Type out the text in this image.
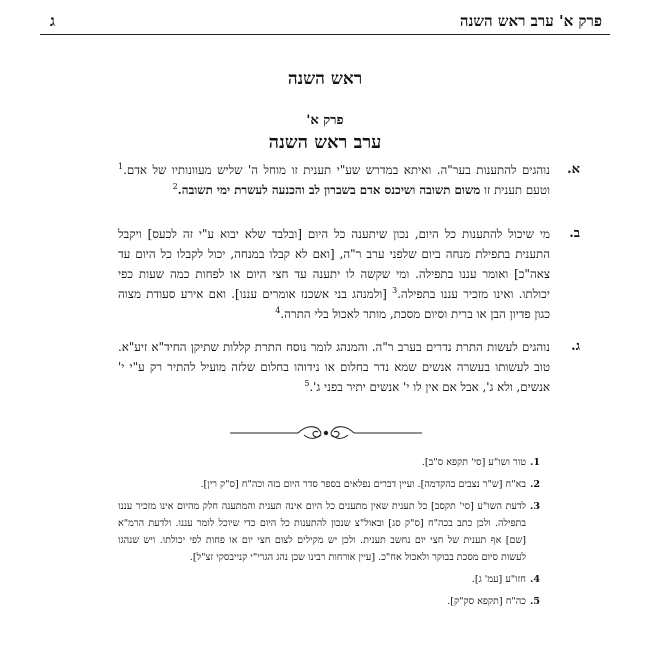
פרק א' ערב ראש השנה
ג
ראש השנה
פרק א'
ערב ראש השנה
א.
נוהגים להתענות בער"ה. ואיתא במדרש שע"י תענית זו מוחל ה' שליש מעוונותיו של אדם.$^1$ וטעם תענית זו משום תשובה ושיכנס אדם בשברון לב והכנעה לעשרת ימי תשובה.$^2$
ב.
מי שיכול להתענות כל היום, נכון שיתענה כל היום [ובלבד שלא יבוא ע"י זה לכעס] ויקבל התענית בתפילת מנחה ביום שלפני ערב ר"ה, [ואם לא קבלו במנחה, יכול לקבלו כל היום עד צאה"כ] ואומר עננו בתפילה. ומי שקשה לו יתענה עד חצי היום או לפחות כמה שעות כפי יכולתו. ואינו מזכיר עננו בתפילה.$^3$ [ולמנהג בני אשכנז אומרים עננו]. ואם אירע סעודת מצוה כגון פדיון הבן או ברית וסיום מסכת, מותר לאכול בלי התרה.$^4$
ג.
נוהגים לעשות התרת נדרים בערב ר"ה. והמנהג לומר נוסח התרת קללות שתיקן החיד"א זיע"א. טוב לעשותו בעשרה אנשים שמא נדר בחלום או נידוהו בחלום שלזה מועיל להתיר רק ע"י י' אנשים, ולא ג', אבל אם אין לו י' אנשים יתיר בפני ג'.$^5$
1.
טור ושו"ע [סי' תקפא ס"ב].
2.
בא"ח [ש"ר נצבים בהקדמה]. ועיין דברים נפלאים בספר סדר היום בזה וכה"ח [ס"ק רין].
3.
לדעת השו"ע [סי' תקסב] כל תענית שאין מתענים כל היום אינה תענית והמתענה חלק מהיום אינו מזכיר עננו בתפילה. ולכן כתב בכה"ח [ס"ק סג] ובאול"צ שנכון להתענות כל היום כדי שיוכל לומר עננו. ולדעת הרמ"א [שם] אף תענית של חצי יום נחשב תענית. ולכן יש מקילים לצום חצי יום או פחות לפי יכולתו. ויש שנהגו לעשות סיום מסכת בבוקר ולאכול אח"כ. [עיין אורחות רבינו שכן נהג הגרי"י קנייבסקי זצ"ל].
4.
חזו"ע [עמ' ג].
5.
כה"ח [תקפא סק"ק].
